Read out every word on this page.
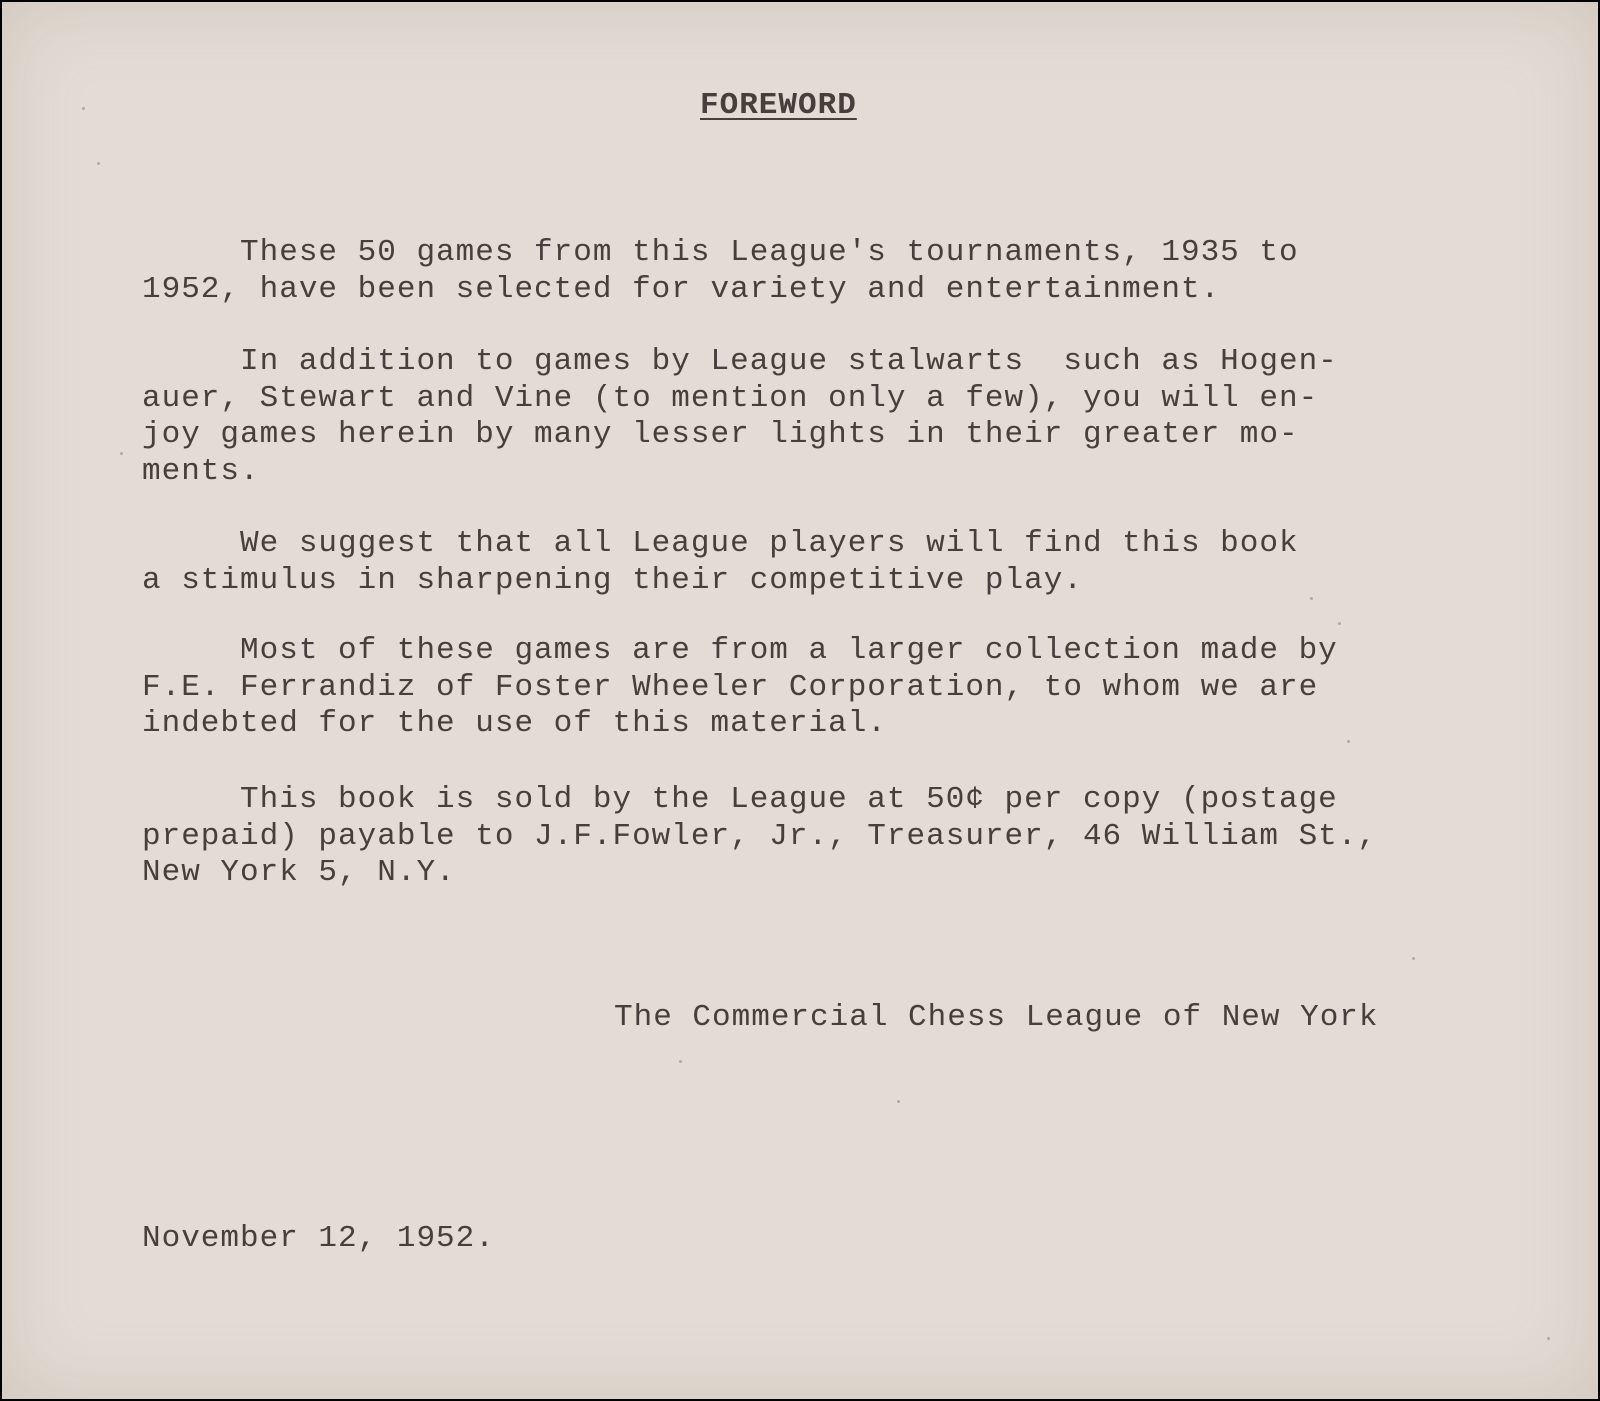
FOREWORD

These 50 games from this League's tournaments, 1935 to
1952, have been selected for variety and entertainment.

In addition to games by League stalwarts  such as Hogen-
auer, Stewart and Vine (to mention only a few), you will en-
joy games herein by many lesser lights in their greater mo-
ments.

We suggest that all League players will find this book
a stimulus in sharpening their competitive play.

Most of these games are from a larger collection made by
F.E. Ferrandiz of Foster Wheeler Corporation, to whom we are
indebted for the use of this material.

This book is sold by the League at 50¢ per copy (postage
prepaid) payable to J.F.Fowler, Jr., Treasurer, 46 William St.,
New York 5, N.Y.

The Commercial Chess League of New York

November 12, 1952.
